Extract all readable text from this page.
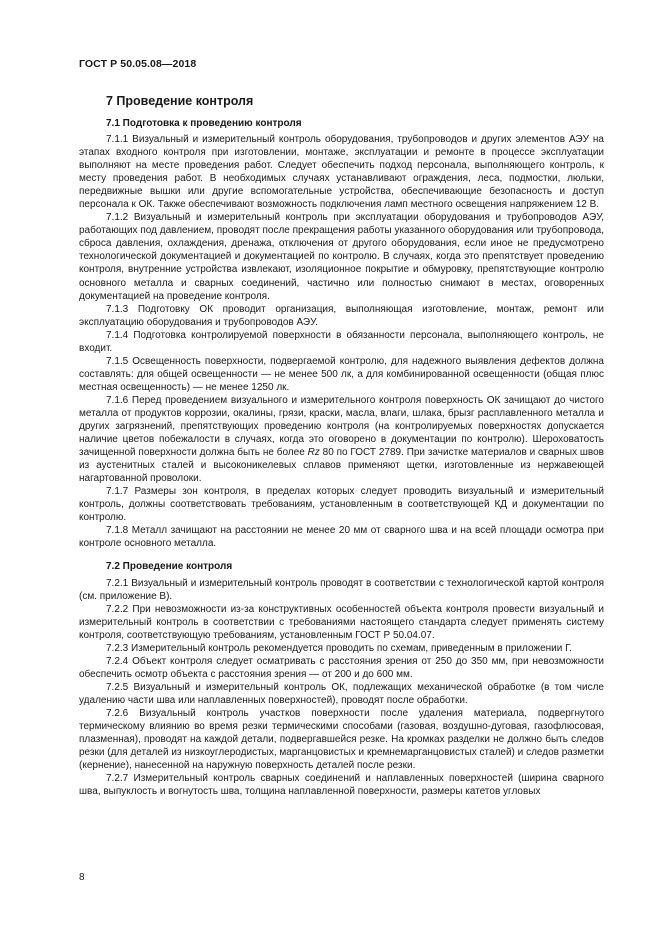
ГОСТ Р 50.05.08—2018
7 Проведение контроля
7.1 Подготовка к проведению контроля

7.1.1 Визуальный и измерительный контроль оборудования, трубопроводов и других элементов АЭУ на этапах входного контроля при изготовлении, монтаже, эксплуатации и ремонте в процессе эксплуатации выполняют на месте проведения работ. Следует обеспечить подход персонала, выполняющего контроль, к месту проведения работ. В необходимых случаях устанавливают ограждения, леса, подмостки, люльки, передвижные вышки или другие вспомогательные устройства, обеспечивающие безопасность и доступ персонала к ОК. Также обеспечивают возможность подключения ламп местного освещения напряжением 12 В.

7.1.2 Визуальный и измерительный контроль при эксплуатации оборудования и трубопроводов АЭУ, работающих под давлением, проводят после прекращения работы указанного оборудования или трубопровода, сброса давления, охлаждения, дренажа, отключения от другого оборудования, если иное не предусмотрено технологической документацией и документацией по контролю. В случаях, когда это препятствует проведению контроля, внутренние устройства извлекают, изоляционное покрытие и обмуровку, препятствующие контролю основного металла и сварных соединений, частично или полностью снимают в местах, оговоренных документацией на проведение контроля.

7.1.3 Подготовку ОК проводит организация, выполняющая изготовление, монтаж, ремонт или эксплуатацию оборудования и трубопроводов АЭУ.

7.1.4 Подготовка контролируемой поверхности в обязанности персонала, выполняющего контроль, не входит.

7.1.5 Освещенность поверхности, подвергаемой контролю, для надежного выявления дефектов должна составлять: для общей освещенности — не менее 500 лк, а для комбинированной освещенности (общая плюс местная освещенность) — не менее 1250 лк.

7.1.6 Перед проведением визуального и измерительного контроля поверхность ОК зачищают до чистого металла от продуктов коррозии, окалины, грязи, краски, масла, влаги, шлака, брызг расплавленного металла и других загрязнений, препятствующих проведению контроля (на контролируемых поверхностях допускается наличие цветов побежалости в случаях, когда это оговорено в документации по контролю). Шероховатость зачищенной поверхности должна быть не более Rz 80 по ГОСТ 2789. При зачистке материалов и сварных швов из аустенитных сталей и высоконикелевых сплавов применяют щетки, изготовленные из нержавеющей нагартованной проволоки.

7.1.7 Размеры зон контроля, в пределах которых следует проводить визуальный и измерительный контроль, должны соответствовать требованиям, установленным в соответствующей КД и документации по контролю.

7.1.8 Металл зачищают на расстоянии не менее 20 мм от сварного шва и на всей площади осмотра при контроле основного металла.

7.2 Проведение контроля

7.2.1 Визуальный и измерительный контроль проводят в соответствии с технологической картой контроля (см. приложение В).

7.2.2 При невозможности из-за конструктивных особенностей объекта контроля провести визуальный и измерительный контроль в соответствии с требованиями настоящего стандарта следует применять систему контроля, соответствующую требованиям, установленным ГОСТ Р 50.04.07.

7.2.3 Измерительный контроль рекомендуется проводить по схемам, приведенным в приложении Г.

7.2.4 Объект контроля следует осматривать с расстояния зрения от 250 до 350 мм, при невозможности обеспечить осмотр объекта с расстояния зрения — от 200 и до 600 мм.

7.2.5 Визуальный и измерительный контроль ОК, подлежащих механической обработке (в том числе удалению части шва или наплавленных поверхностей), проводят после обработки.

7.2.6 Визуальный контроль участков поверхности после удаления материала, подвергнутого термическому влиянию во время резки термическими способами (газовая, воздушно-дуговая, газофлюсовая, плазменная), проводят на каждой детали, подвергавшейся резке. На кромках разделки не должно быть следов резки (для деталей из низкоуглеродистых, марганцовистых и кремнемарганцовистых сталей) и следов разметки (кернение), нанесенной на наружную поверхность деталей после резки.

7.2.7 Измерительный контроль сварных соединений и наплавленных поверхностей (ширина сварного шва, выпуклость и вогнутость шва, толщина наплавленной поверхности, размеры катетов угловых

8
